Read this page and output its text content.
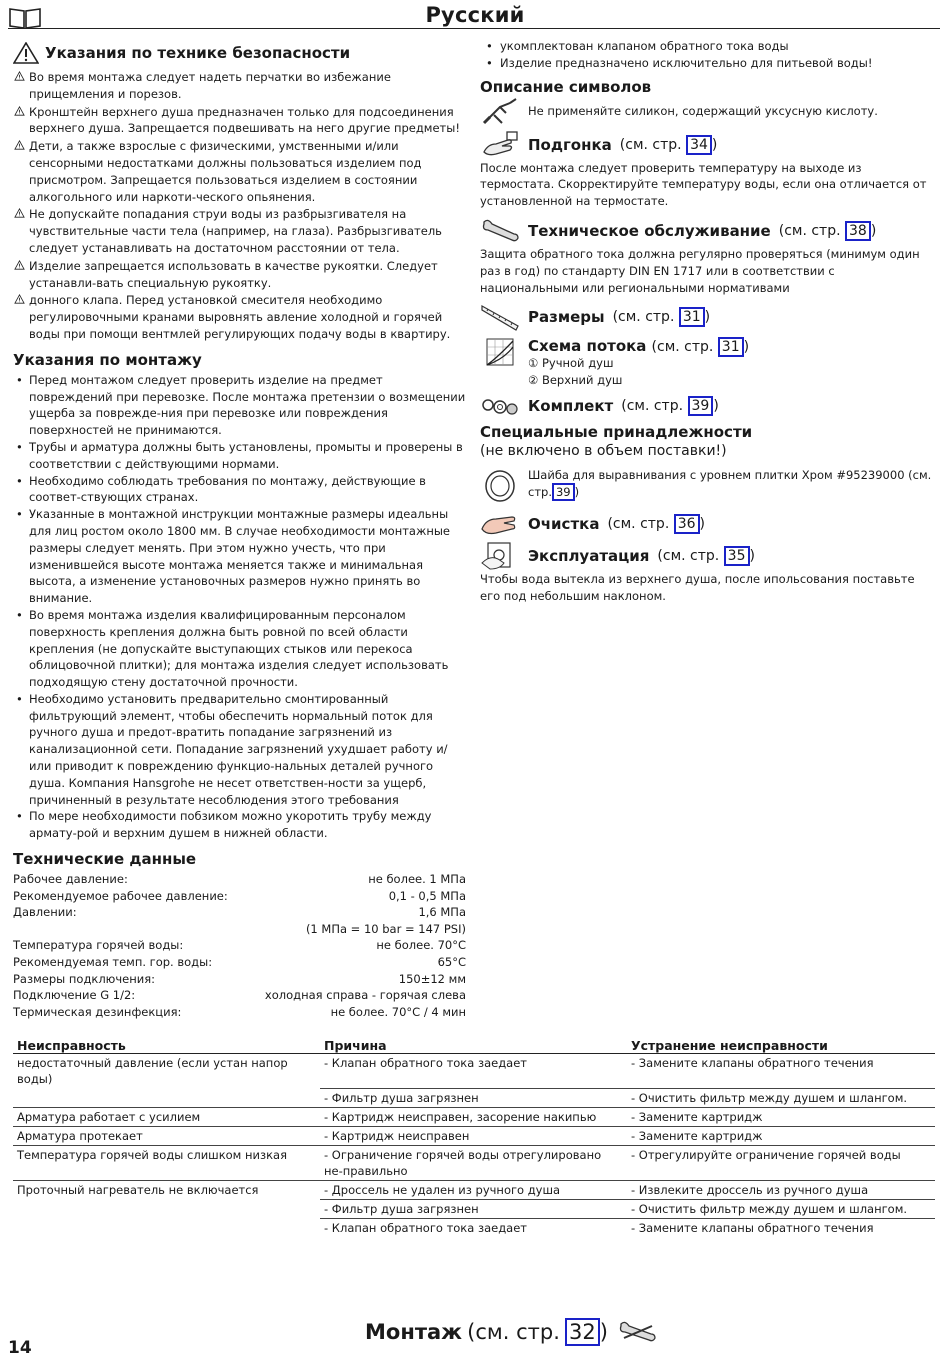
Русский
Указания по технике безопасности
Во время монтажа следует надеть перчатки во избежание прищемления и порезов.
Кронштейн верхнего душа предназначен только для подсоединения верхнего душа. Запрещается подвешивать на него другие предметы!
Дети, а также взрослые с физическими, умственными и/или сенсорными недостатками должны пользоваться изделием под присмотром. Запрещается пользоваться изделием в состоянии алкогольного или наркоти-ческого опьянения.
Не допускайте попадания струи воды из разбрызгивателя на чувствительные части тела (например, на глаза). Разбрызгиватель следует устанавливать на достаточном расстоянии от тела.
Изделие запрещается использовать в качестве рукоятки. Следует устанавли-вать специальную рукоятку.
донного клапа. Перед установкой смесителя необходимо регулировочными кранами выровнять авление холодной и горячей воды при помощи вентмлей регулирующих подачу воды в квартиру.
Указания по монтажу
• Перед монтажом следует проверить изделие на предмет повреждений при перевозке. После монтажа претензии о возмещении ущерба за поврежде-ния при перевозке или повреждения поверхностей не принимаются.
• Трубы и арматура должны быть установлены, промыты и проверены в соответствии с действующими нормами.
• Необходимо соблюдать требования по монтажу, действующие в соответ-ствующих странах.
• Указанные в монтажной инструкции монтажные размеры идеальны для лиц ростом около 1800 мм. В случае необходимости монтажные размеры следует менять. При этом нужно учесть, что при изменившейся высоте монтажа меняется также и минимальная высота, а изменение установочных размеров нужно принять во внимание.
• Во время монтажа изделия квалифицированным персоналом поверхность крепления должна быть ровной по всей области крепления (не допускайте выступающих стыков или перекоса облицовочной плитки); для монтажа изделия следует использовать подходящую стену достаточной прочности.
• Необходимо установить предварительно смонтированный фильтрующий элемент, чтобы обеспечить нормальный поток для ручного душа и предот-вратить попадание загрязнений из канализационной сети. Попадание загрязнений ухудшает работу и/или приводит к повреждению функцио-нальных деталей ручного душа. Компания Hansgrohe не несет ответствен-ности за ущерб, причиненный в результате несоблюдения этого требования
• По мере необходимости побзиком можно укоротить трубу между армату-рой и верхним душем в нижней области.
Технические данные
Рабочее давление:	не более. 1 МПа
Рекомендуемое рабочее давление:	0,1 - 0,5 МПа
Давлении:	1,6 МПа
	(1 МПа = 10 bar = 147 PSI)
Температура горячей воды:	не более. 70°C
Рекомендуемая темп. гор. воды:	65°C
Размеры подключения:	150±12 мм
Подключение G 1/2:	холодная справа - горячая слева
Термическая дезинфекция:	не более. 70°C / 4 мин
• укомплектован клапаном обратного тока воды
• Изделие предназначено исключительно для питьевой воды!
Описание символов
Не применяйте силикон, содержащий уксусную кислоту.
Подгонка (см. стр. 34 )
После монтажа следует проверить температуру на выходе из термостата. Скорректируйте температуру воды, если она отличается от установленной на термостате.
Техническое обслуживание (см. стр. 38 )
Защита обратного тока должна регулярно проверяться (минимум один раз в год) по стандарту DIN EN 1717 или в соответствии с национальными или региональными нормативами
Размеры (см. стр. 31 )
Схема потока (см. стр. 31 )
① Ручной душ
② Верхний душ
Комплект (см. стр. 39 )
Специальные принадлежности
(не включено в объем поставки!)
Шайба для выравнивания с уровнем плитки Хром #95239000 (см. стр. 39 )
Очистка (см. стр. 36 )
Эксплуатация (см. стр. 35 )
Чтобы вода вытекла из верхнего душа, после ипольсования поставьте его под небольшим наклоном.
Неисправность	Причина	Устранение неисправности
недостаточный давление (если устан напор воды)	- Клапан обратного тока заедает	- Замените клапаны обратного течения
	- Фильтр душа загрязнен	- Очистить фильтр между душем и шлангом.
Арматура работает с усилием	- Картридж неисправен, засорение накипью	- Замените картридж
Арматура протекает	- Картридж неисправен	- Замените картридж
Температура горячей воды слишком низкая	- Ограничение горячей воды отрегулировано не-правильно	- Отрегулируйте ограничение горячей воды
Проточный нагреватель не включается	- Дроссель не удален из ручного душа	- Извлеките дроссель из ручного душа
	- Фильтр душа загрязнен	- Очистить фильтр между душем и шлангом.
	- Клапан обратного тока заедает	- Замените клапаны обратного течения
14
Монтаж (см. стр. 32 )
